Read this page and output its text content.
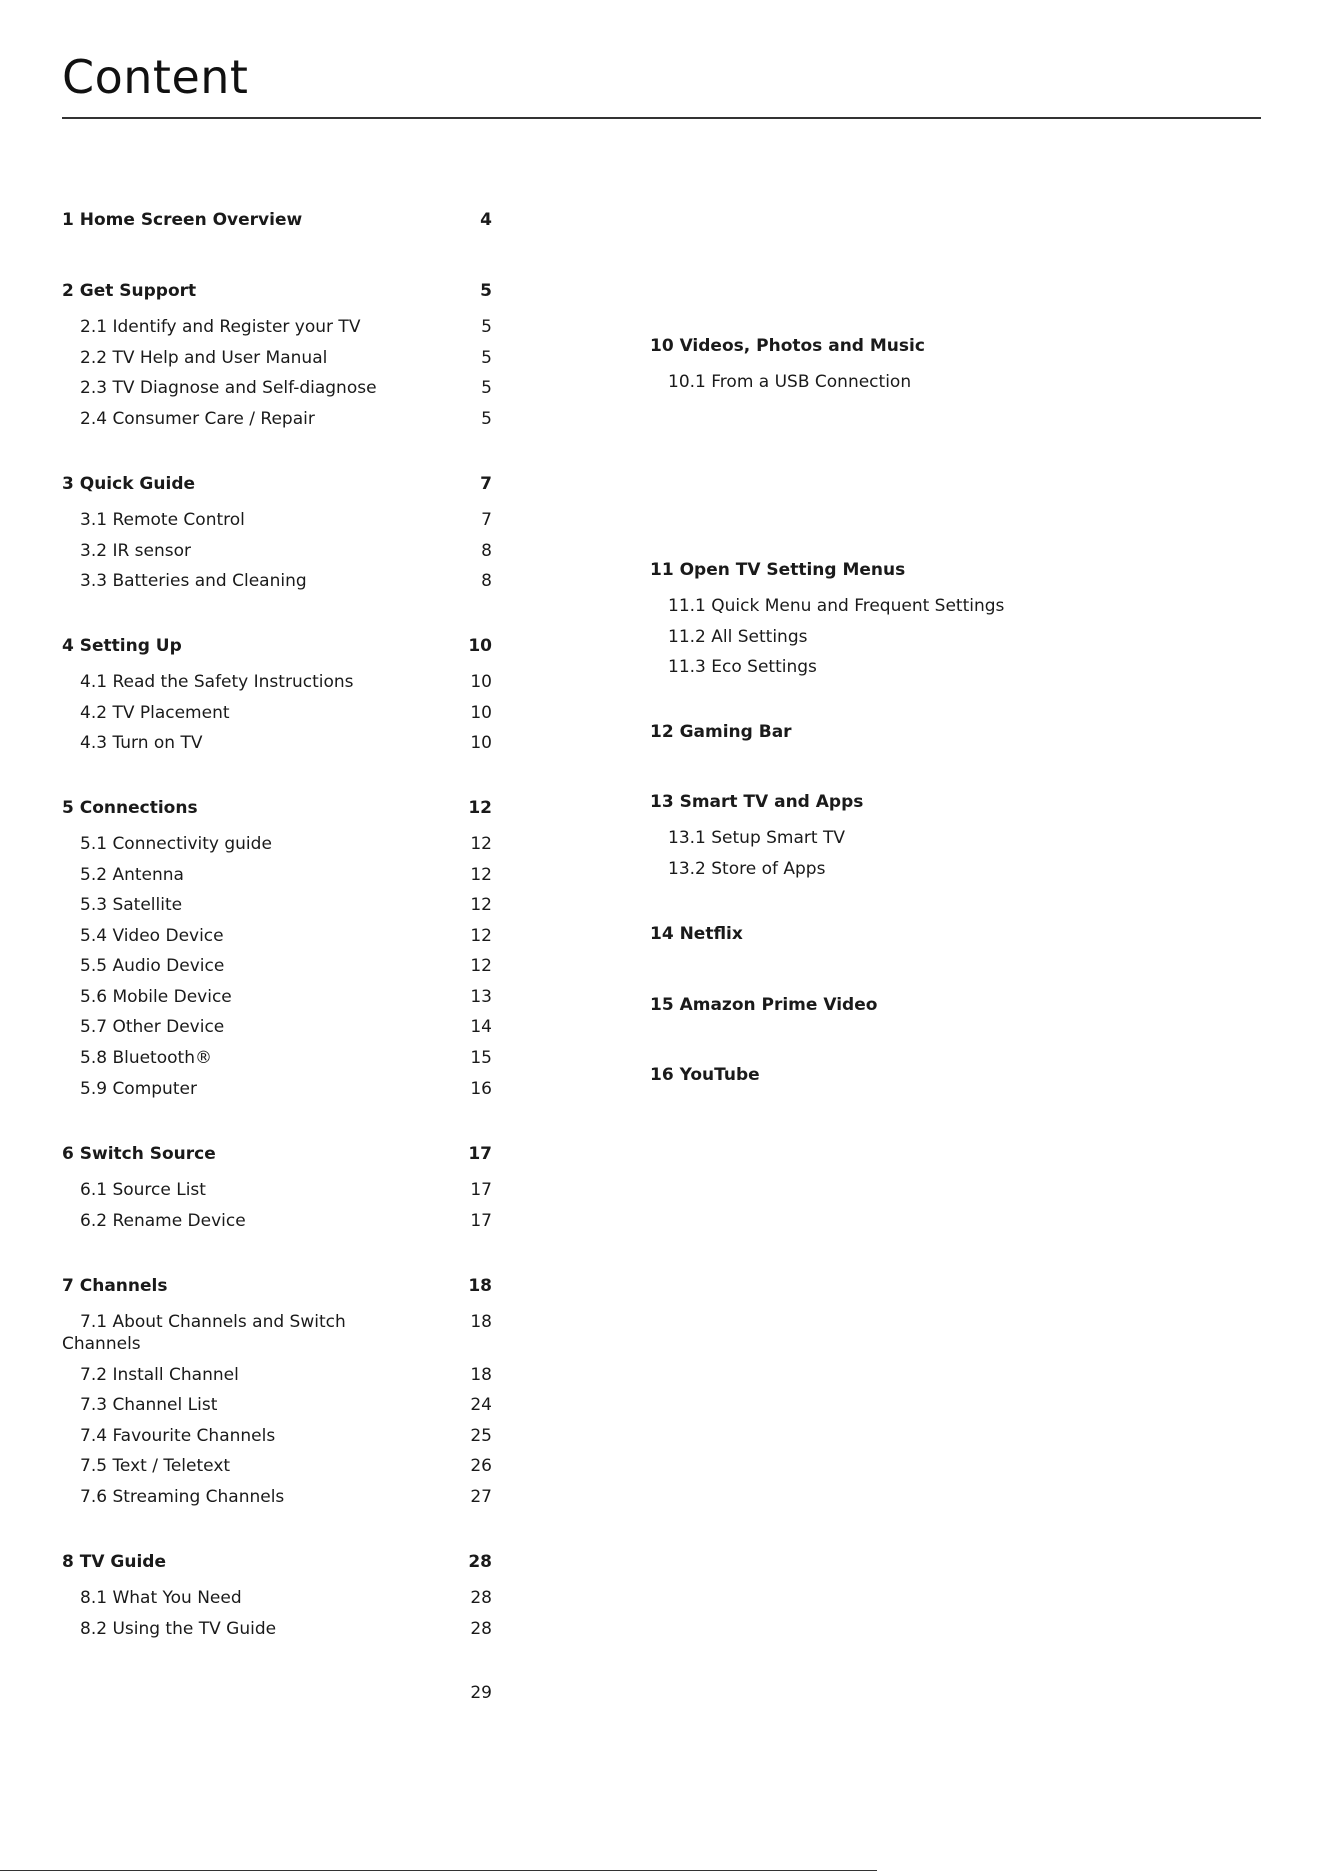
Content
1 Home Screen Overview	4
2 Get Support	5
2.1 Identify and Register your TV	5
2.2 TV Help and User Manual	5
2.3 TV Diagnose and Self-diagnose	5
2.4 Consumer Care / Repair	5
3 Quick Guide	7
3.1 Remote Control	7
3.2 IR sensor	8
3.3 Batteries and Cleaning	8
4 Setting Up	10
4.1 Read the Safety Instructions	10
4.2 TV Placement	10
4.3 Turn on TV	10
5 Connections	12
5.1 Connectivity guide	12
5.2 Antenna	12
5.3 Satellite	12
5.4 Video Device	12
5.5 Audio Device	12
5.6 Mobile Device	13
5.7 Other Device	14
5.8 Bluetooth®	15
5.9 Computer	16
6 Switch Source	17
6.1 Source List	17
6.2 Rename Device	17
7 Channels	18
7.1 About Channels and Switch
Channels
18
7.2 Install Channel	18
7.3 Channel List	24
7.4 Favourite Channels	25
7.5 Text / Teletext	26
7.6 Streaming Channels	27
8 TV Guide	28
8.1 What You Need	28
8.2 Using the TV Guide	28
29
10 Videos, Photos and Music
10.1 From a USB Connection
11 Open TV Setting Menus
11.1 Quick Menu and Frequent Settings
11.2 All Settings
11.3 Eco Settings
12 Gaming Bar
13 Smart TV and Apps
13.1 Setup Smart TV
13.2 Store of Apps
14 Netflix
15 Amazon Prime Video
16 YouTube
